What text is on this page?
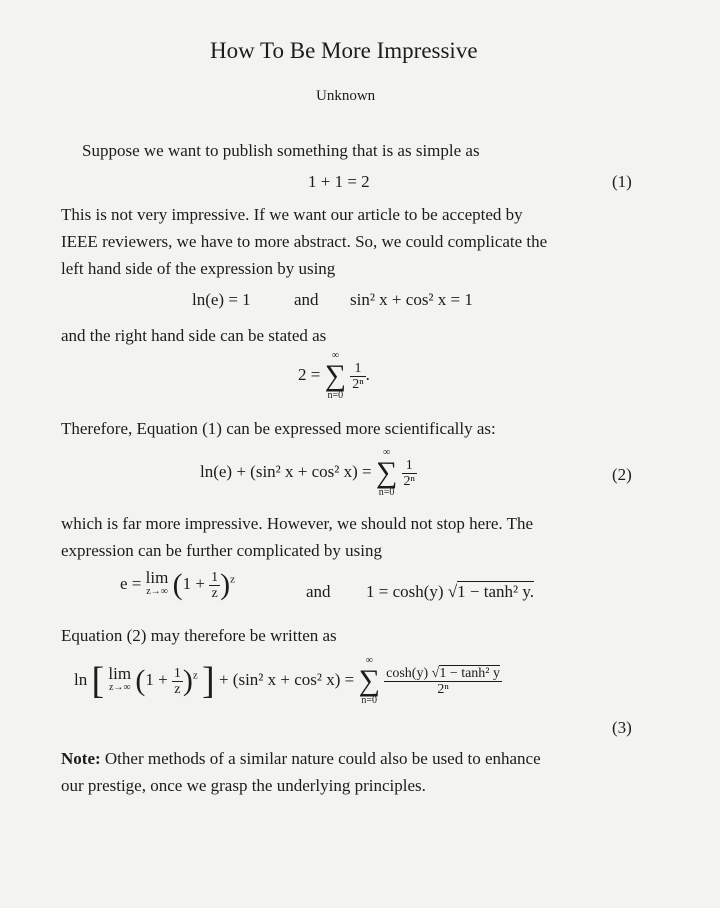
How To Be More Impressive
Unknown
Suppose we want to publish something that is as simple as
1 + 1 = 2	(1)
This is not very impressive. If we want our article to be accepted by
IEEE reviewers, we have to more abstract. So, we could complicate the
left hand side of the expression by using
ln(e) = 1	and sin² x + cos² x = 1
and the right hand side can be stated as
2 =
∞
∑
n=0

$\frac{1}{\text{2ⁿ}}$ .
Therefore, Equation (1) can be expressed more scientifically as:
ln(e) + (sin² x + cos² x) =
∞
∑
n=0

$\frac{1}{\text{2ⁿ}}$	(2)
which is far more impressive. However, we should not stop here. The
expression can be further complicated by using
e = lim
z→∞ $(1 + \frac{1}{z} )^z$
and 1 = cosh(y) √1 − tanh² y.
Equation (2) may therefore be written as
ln [ lim
z→∞ $(1 + \frac{1}{z} )^z$ ] + (sin² x + cos² x) =
∞
∑
n=0

$\frac{\text{cosh(y) √1 − tanh² y}}{\text{2ⁿ}}$
(3)
Note: Other methods of a similar nature could also be used to enhance
our prestige, once we grasp the underlying principles.
